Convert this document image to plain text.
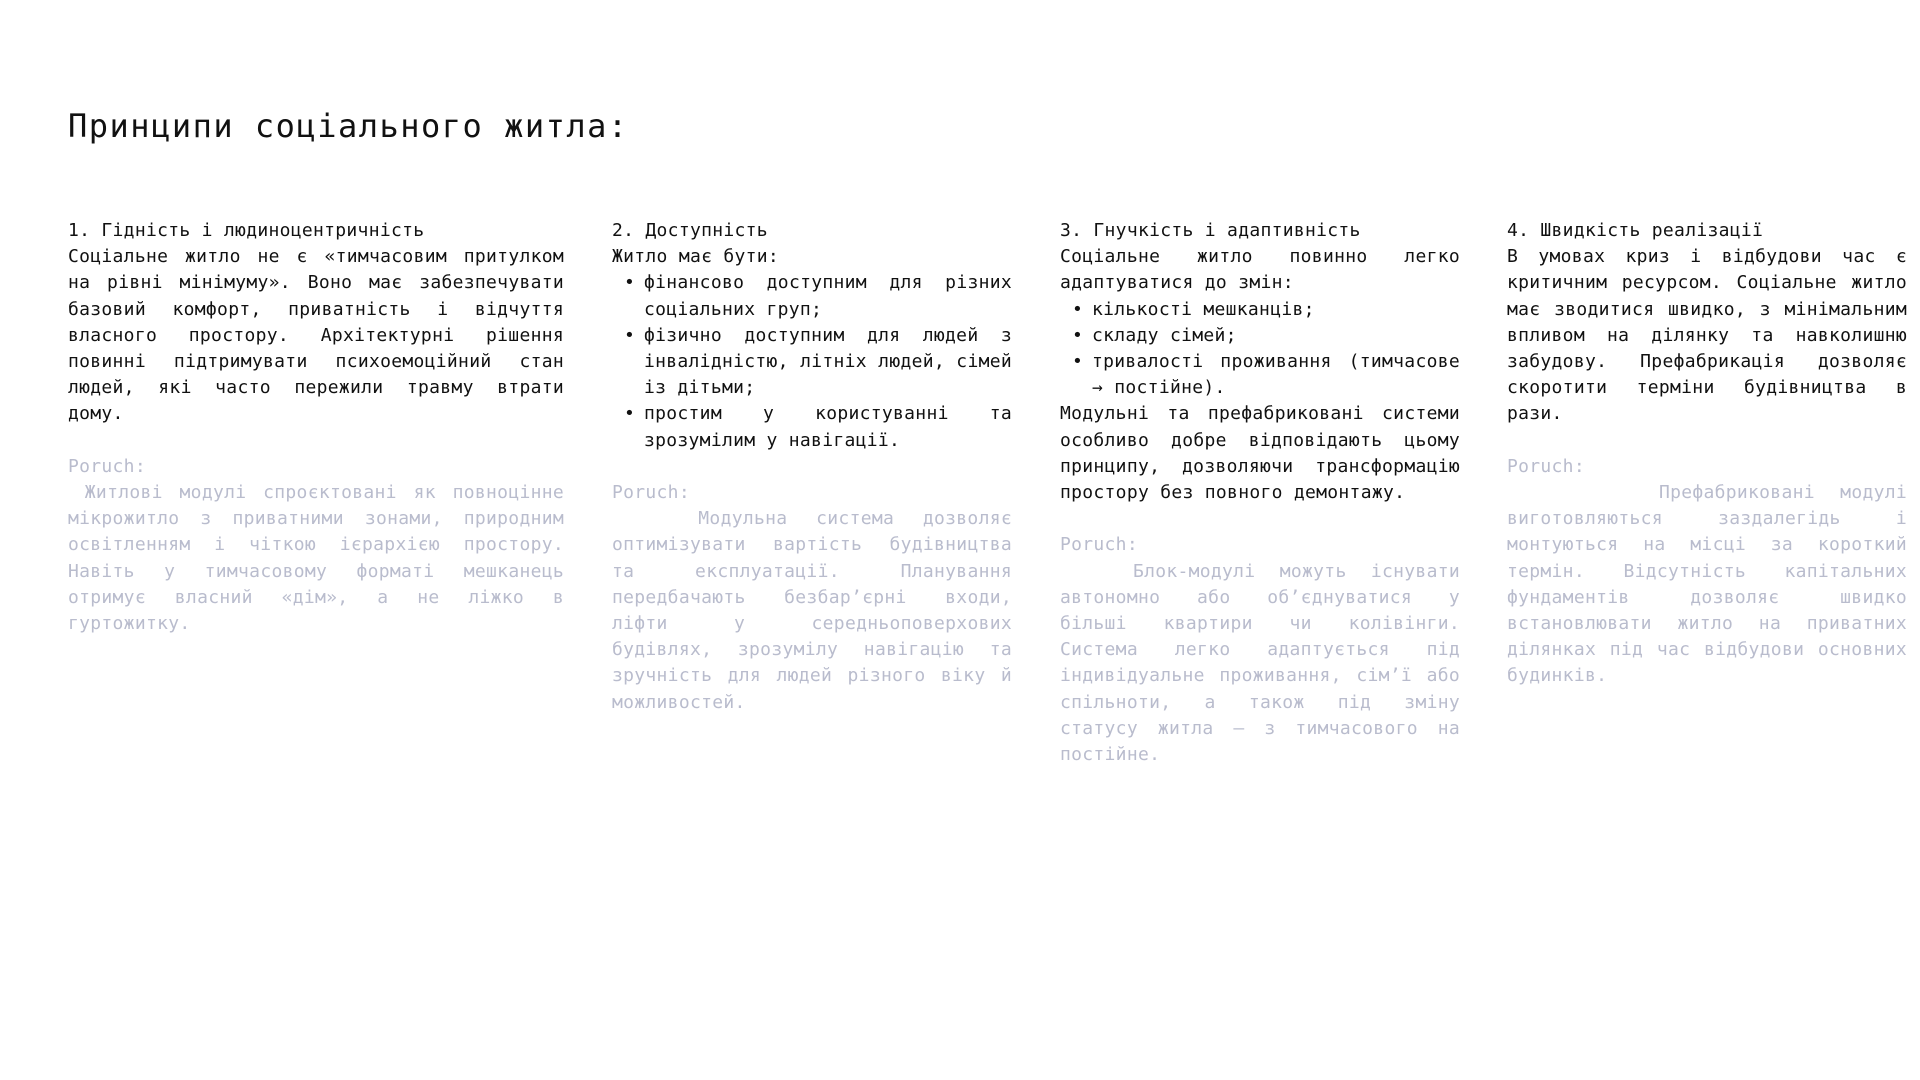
Принципи соціального житла:

1. Гідність і людиноцентричність

Соціальне житло не є «тимчасовим притулком на рівні мінімуму». Воно має забезпечувати базовий комфорт, приватність і відчуття власного простору. Архітектурні рішення повинні підтримувати психоемоційний стан людей, які часто пережили травму втрати дому.

Poruch:

Житлові модулі спроєктовані як повноцінне мікрожитло з приватними зонами, природним освітленням і чіткою ієрархією простору. Навіть у тимчасовому форматі мешканець отримує власний «дім», а не ліжко в гуртожитку.

2. Доступність

Житло має бути:

• фінансово доступним для різних соціальних груп;
• фізично доступним для людей з інвалідністю, літніх людей, сімей із дітьми;
• простим у користуванні та зрозумілим у навігації.

Poruch:

Модульна система дозволяє оптимізувати вартість будівництва та експлуатації. Планування передбачають безбар’єрні входи, ліфти у середньоповерхових будівлях, зрозумілу навігацію та зручність для людей різного віку й можливостей.

3. Гнучкість і адаптивність

Соціальне житло повинно легко адаптуватися до змін:

• кількості мешканців;
• складу сімей;
• тривалості проживання (тимчасове → постійне).

Модульні та префабриковані системи особливо добре відповідають цьому принципу, дозволяючи трансформацію простору без повного демонтажу.

Poruch:

Блок-модулі можуть існувати автономно або об’єднуватися у більші квартири чи колівінги. Система легко адаптується під індивідуальне проживання, сім’ї або спільноти, а також під зміну статусу житла — з тимчасового на постійне.

4. Швидкість реалізації

В умовах криз і відбудови час є критичним ресурсом. Соціальне житло має зводитися швидко, з мінімальним впливом на ділянку та навколишню забудову. Префабрикація дозволяє скоротити терміни будівництва в рази.

Poruch:

Префабриковані модулі виготовляються заздалегідь і монтуються на місці за короткий термін. Відсутність капітальних фундаментів дозволяє швидко встановлювати житло на приватних ділянках під час відбудови основних будинків.
